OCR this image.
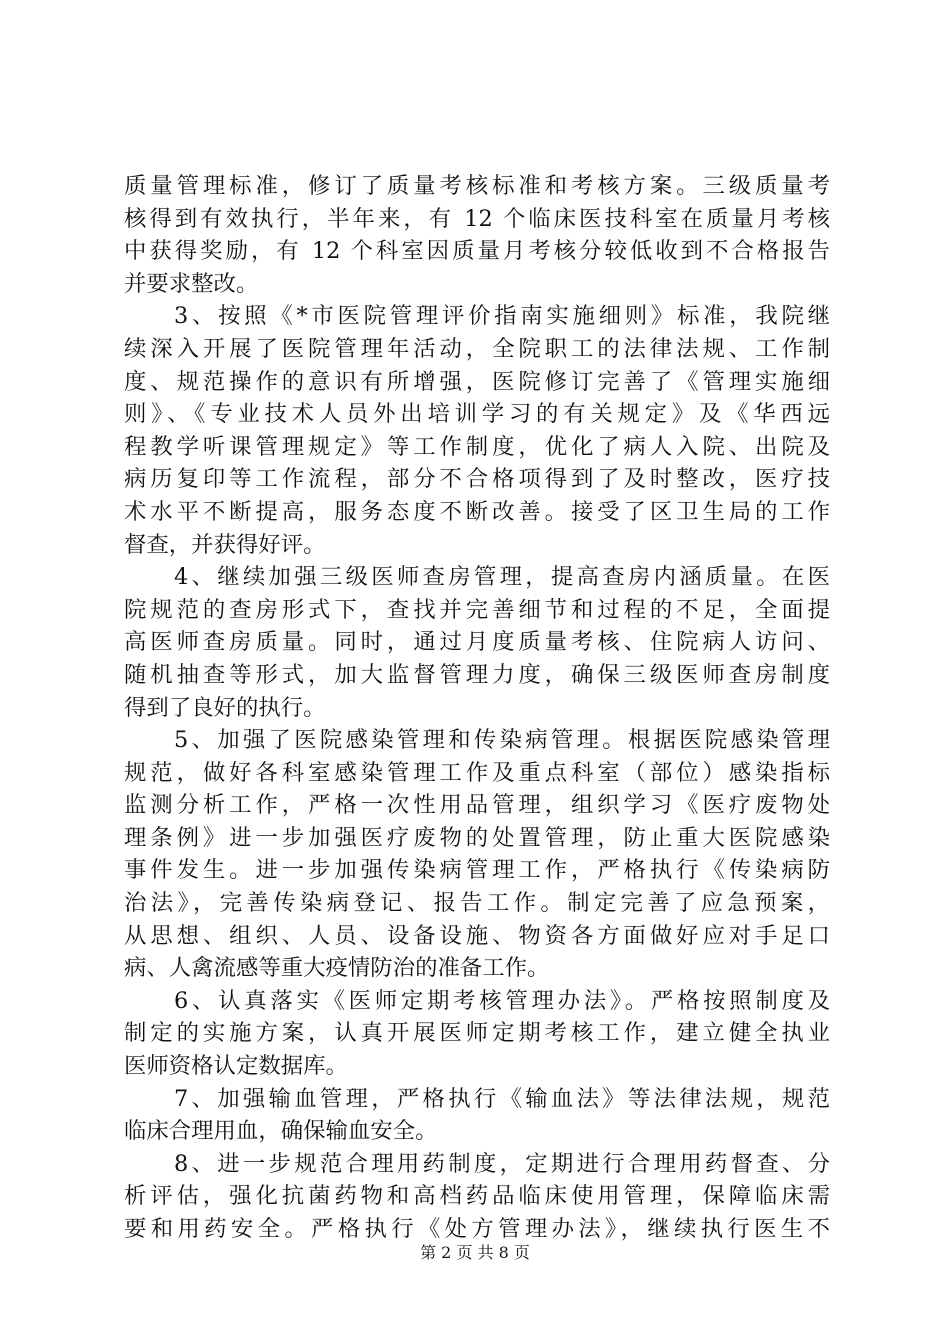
质量管理标准，修订了质量考核标准和考核方案。三级质量考
核得到有效执行，半年来，有 12 个临床医技科室在质量月考核
中获得奖励，有 12 个科室因质量月考核分较低收到不合格报告
并要求整改。
3、按照《*市医院管理评价指南实施细则》标准，我院继
续深入开展了医院管理年活动，全院职工的法律法规、工作制
度、规范操作的意识有所增强，医院修订完善了《管理实施细
则》、《专业技术人员外出培训学习的有关规定》及《华西远
程教学听课管理规定》等工作制度，优化了病人入院、出院及
病历复印等工作流程，部分不合格项得到了及时整改，医疗技
术水平不断提高，服务态度不断改善。接受了区卫生局的工作
督查，并获得好评。
4、继续加强三级医师查房管理，提高查房内涵质量。在医
院规范的查房形式下，查找并完善细节和过程的不足，全面提
高医师查房质量。同时，通过月度质量考核、住院病人访问、
随机抽查等形式，加大监督管理力度，确保三级医师查房制度
得到了良好的执行。
5、加强了医院感染管理和传染病管理。根据医院感染管理
规范，做好各科室感染管理工作及重点科室（部位）感染指标
监测分析工作，严格一次性用品管理，组织学习《医疗废物处
理条例》进一步加强医疗废物的处置管理，防止重大医院感染
事件发生。进一步加强传染病管理工作，严格执行《传染病防
治法》，完善传染病登记、报告工作。制定完善了应急预案，
从思想、组织、人员、设备设施、物资各方面做好应对手足口
病、人禽流感等重大疫情防治的准备工作。
6、认真落实《医师定期考核管理办法》。严格按照制度及
制定的实施方案，认真开展医师定期考核工作，建立健全执业
医师资格认定数据库。
7、加强输血管理，严格执行《输血法》等法律法规，规范
临床合理用血，确保输血安全。
8、进一步规范合理用药制度，定期进行合理用药督查、分
析评估，强化抗菌药物和高档药品临床使用管理，保障临床需
要和用药安全。严格执行《处方管理办法》，继续执行医生不
第 2 页 共 8 页
